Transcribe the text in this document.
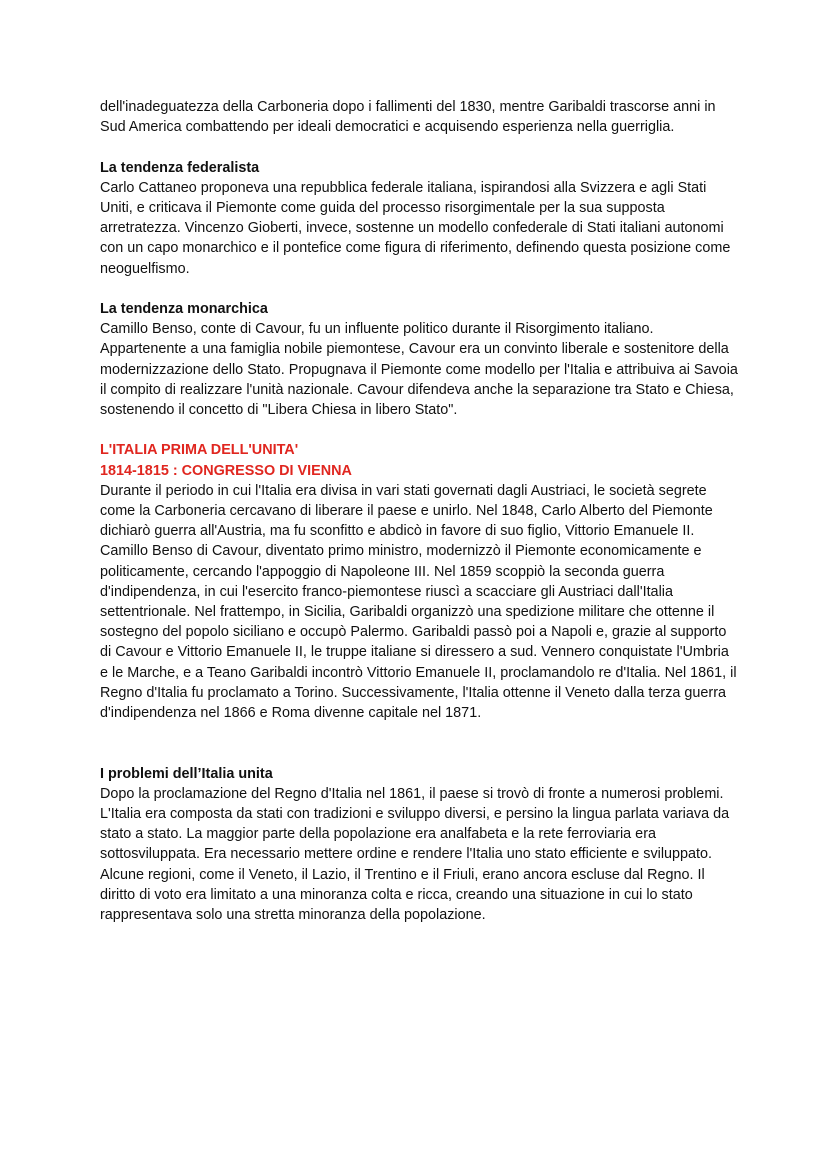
dell'inadeguatezza della Carboneria dopo i fallimenti del 1830, mentre Garibaldi trascorse anni in Sud America combattendo per ideali democratici e acquisendo esperienza nella guerriglia.

La tendenza federalista

Carlo Cattaneo proponeva una repubblica federale italiana, ispirandosi alla Svizzera e agli Stati Uniti, e criticava il Piemonte come guida del processo risorgimentale per la sua supposta arretratezza. Vincenzo Gioberti, invece, sostenne un modello confederale di Stati italiani autonomi con un capo monarchico e il pontefice come figura di riferimento, definendo questa posizione come neoguelfismo.

La tendenza monarchica

Camillo Benso, conte di Cavour, fu un influente politico durante il Risorgimento italiano. Appartenente a una famiglia nobile piemontese, Cavour era un convinto liberale e sostenitore della modernizzazione dello Stato. Propugnava il Piemonte come modello per l'Italia e attribuiva ai Savoia il compito di realizzare l'unità nazionale. Cavour difendeva anche la separazione tra Stato e Chiesa, sostenendo il concetto di "Libera Chiesa in libero Stato".

L'ITALIA PRIMA DELL'UNITA'

1814-1815 : CONGRESSO DI VIENNA

Durante il periodo in cui l'Italia era divisa in vari stati governati dagli Austriaci, le società segrete come la Carboneria cercavano di liberare il paese e unirlo. Nel 1848, Carlo Alberto del Piemonte dichiarò guerra all'Austria, ma fu sconfitto e abdicò in favore di suo figlio, Vittorio Emanuele II. Camillo Benso di Cavour, diventato primo ministro, modernizzò il Piemonte economicamente e politicamente, cercando l'appoggio di Napoleone III. Nel 1859 scoppiò la seconda guerra d'indipendenza, in cui l'esercito franco-piemontese riuscì a scacciare gli Austriaci dall'Italia settentrionale. Nel frattempo, in Sicilia, Garibaldi organizzò una spedizione militare che ottenne il sostegno del popolo siciliano e occupò Palermo. Garibaldi passò poi a Napoli e, grazie al supporto di Cavour e Vittorio Emanuele II, le truppe italiane si diressero a sud. Vennero conquistate l'Umbria e le Marche, e a Teano Garibaldi incontrò Vittorio Emanuele II, proclamandolo re d'Italia. Nel 1861, il Regno d'Italia fu proclamato a Torino. Successivamente, l'Italia ottenne il Veneto dalla terza guerra d'indipendenza nel 1866 e Roma divenne capitale nel 1871.

I problemi dell’Italia unita

Dopo la proclamazione del Regno d'Italia nel 1861, il paese si trovò di fronte a numerosi problemi. L'Italia era composta da stati con tradizioni e sviluppo diversi, e persino la lingua parlata variava da stato a stato. La maggior parte della popolazione era analfabeta e la rete ferroviaria era sottosviluppata. Era necessario mettere ordine e rendere l'Italia uno stato efficiente e sviluppato. Alcune regioni, come il Veneto, il Lazio, il Trentino e il Friuli, erano ancora escluse dal Regno. Il diritto di voto era limitato a una minoranza colta e ricca, creando una situazione in cui lo stato rappresentava solo una stretta minoranza della popolazione.
